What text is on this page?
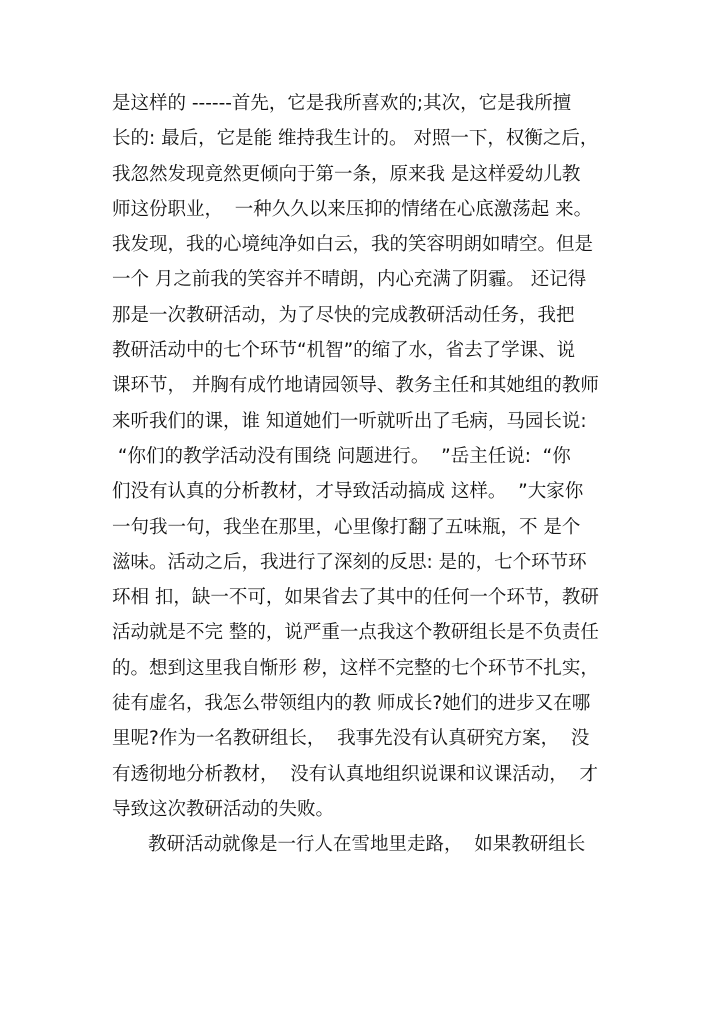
是这样的 ------首先，它是我所喜欢的;其次，它是我所擅
长的: 最后，它是能 维持我生计的。 对照一下，权衡之后，
我忽然发现竟然更倾向于第一条，原来我 是这样爱幼儿教
师这份职业，  一种久久以来压抑的情绪在心底激荡起 来。
我发现，我的心境纯净如白云，我的笑容明朗如晴空。但是
一个 月之前我的笑容并不晴朗，内心充满了阴霾。 还记得
那是一次教研活动，为了尽快的完成教研活动任务，我把
教研活动中的七个环节“机智”的缩了水，省去了学课、说
课环节， 并胸有成竹地请园领导、教务主任和其她组的教师
来听我们的课，谁 知道她们一听就听出了毛病，马园长说:
“你们的教学活动没有围绕 问题进行。  ”岳主任说:  “你
们没有认真的分析教材，才导致活动搞成 这样。  ”大家你
一句我一句，我坐在那里，心里像打翻了五味瓶，不 是个
滋味。活动之后，我进行了深刻的反思: 是的，七个环节环
环相 扣，缺一不可，如果省去了其中的任何一个环节，教研
活动就是不完 整的，说严重一点我这个教研组长是不负责任
的。想到这里我自惭形 秽，这样不完整的七个环节不扎实，
徒有虚名，我怎么带领组内的教 师成长?她们的进步又在哪
里呢?作为一名教研组长，  我事先没有认真研究方案，  没
有透彻地分析教材，  没有认真地组织说课和议课活动，  才
导致这次教研活动的失败。
教研活动就像是一行人在雪地里走路，  如果教研组长
